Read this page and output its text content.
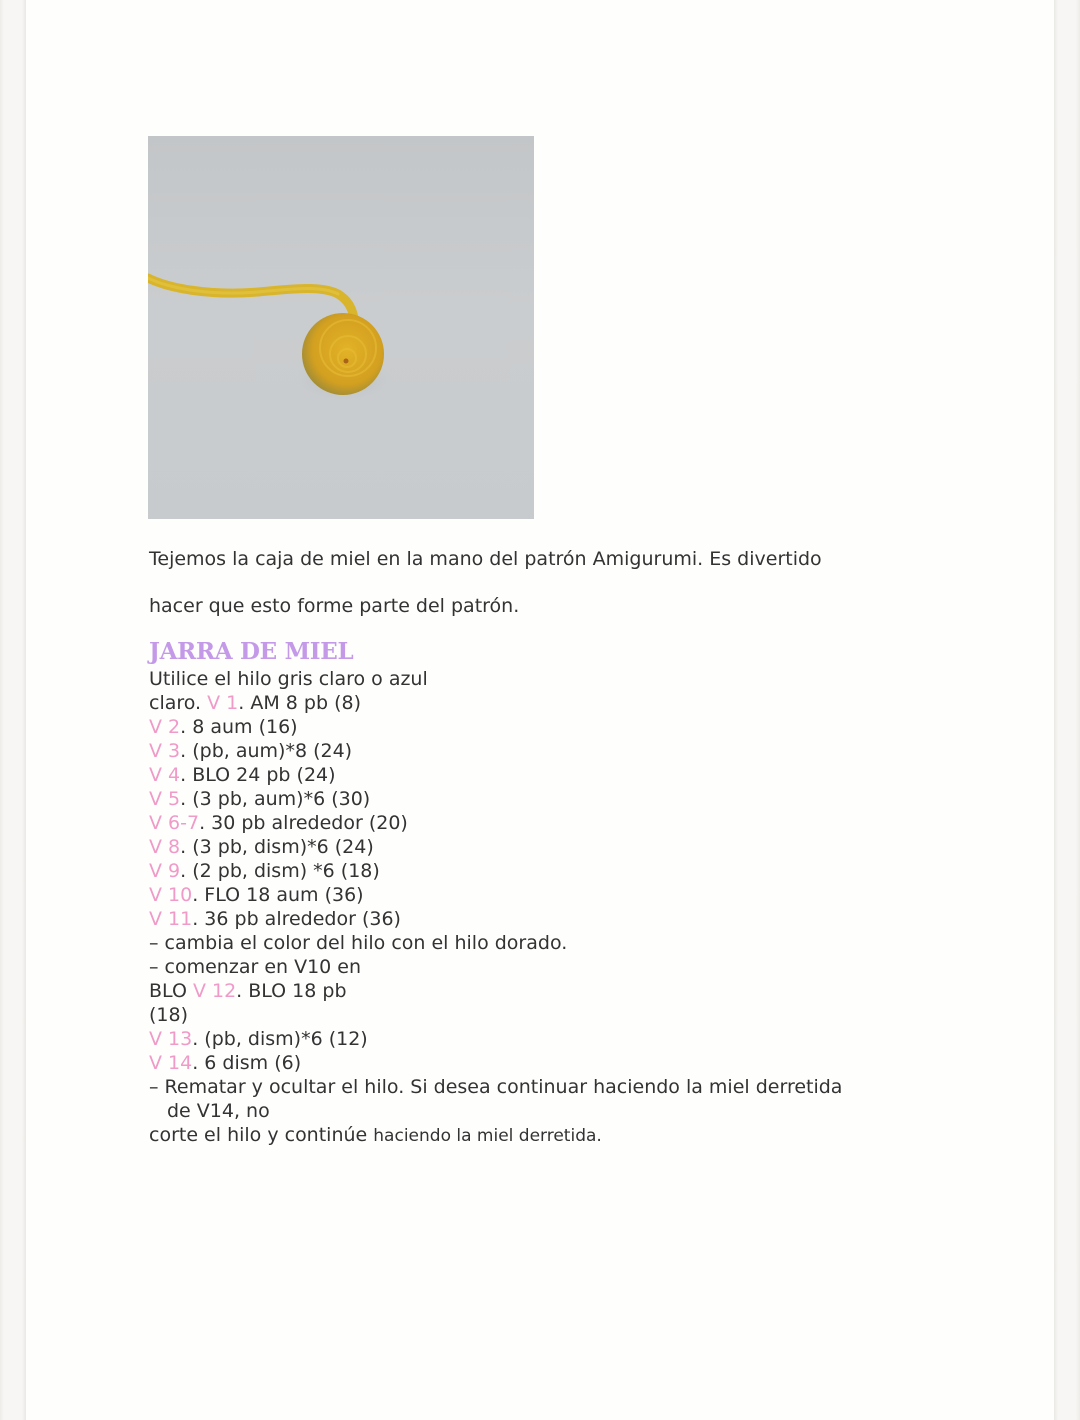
Tejemos la caja de miel en la mano del patrón Amigurumi. Es divertido
hacer que esto forme parte del patrón.

JARRA DE MIEL
Utilice el hilo gris claro o azul
claro. V 1. AM 8 pb (8)
V 2. 8 aum (16)
V 3. (pb, aum)*8 (24)
V 4. BLO 24 pb (24)
V 5. (3 pb, aum)*6 (30)
V 6-7. 30 pb alrededor (20)
V 8. (3 pb, dism)*6 (24)
V 9. (2 pb, dism) *6 (18)
V 10. FLO 18 aum (36)
V 11. 36 pb alrededor (36)
– cambia el color del hilo con el hilo dorado.
– comenzar en V10 en
BLO V 12. BLO 18 pb
(18)
V 13. (pb, dism)*6 (12)
V 14. 6 dism (6)
– Rematar y ocultar el hilo. Si desea continuar haciendo la miel derretida
de V14, no
corte el hilo y continúe haciendo la miel derretida.
